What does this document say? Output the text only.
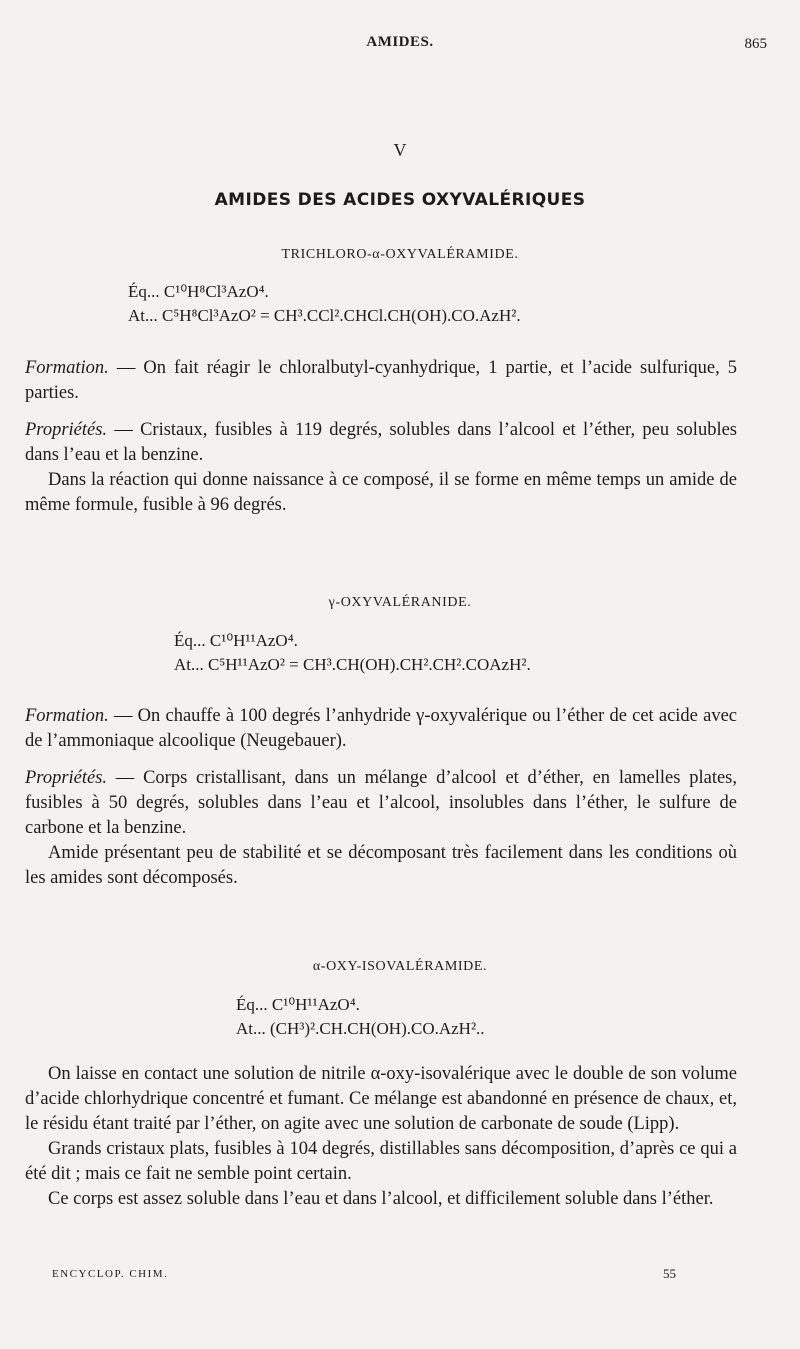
AMIDES.	865
V
AMIDES DES ACIDES OXYVALÉRIQUES
TRICHLORO-α-OXYVALÉRAMIDE.
Éq... C¹⁰H⁸Cl³AzO⁴.
At... C⁵H⁸Cl³AzO² = CH³.CCl².CHCl.CH(OH).CO.AzH².

Formation. — On fait réagir le chloralbutyl-cyanhydrique, 1 partie, et l’acide sulfurique, 5 parties.

Propriétés. — Cristaux, fusibles à 119 degrés, solubles dans l’alcool et l’éther, peu solubles dans l’eau et la benzine.

Dans la réaction qui donne naissance à ce composé, il se forme en même temps un amide de même formule, fusible à 96 degrés.

γ-OXYVALÉRANIDE.
Éq... C¹⁰H¹¹AzO⁴.
At... C⁵H¹¹AzO² = CH³.CH(OH).CH².CH².COAzH².

Formation. — On chauffe à 100 degrés l’anhydride γ-oxyvalérique ou l’éther de cet acide avec de l’ammoniaque alcoolique (Neugebauer).

Propriétés. — Corps cristallisant, dans un mélange d’alcool et d’éther, en lamelles plates, fusibles à 50 degrés, solubles dans l’eau et l’alcool, insolubles dans l’éther, le sulfure de carbone et la benzine.

Amide présentant peu de stabilité et se décomposant très facilement dans les conditions où les amides sont décomposés.

α-OXY-ISOVALÉRAMIDE.
Éq... C¹⁰H¹¹AzO⁴.
At... (CH³)².CH.CH(OH).CO.AzH²..

On laisse en contact une solution de nitrile α-oxy-isovalérique avec le double de son volume d’acide chlorhydrique concentré et fumant. Ce mélange est abandonné en présence de chaux, et, le résidu étant traité par l’éther, on agite avec une solution de carbonate de soude (Lipp).

Grands cristaux plats, fusibles à 104 degrés, distillables sans décomposition, d’après ce qui a été dit ; mais ce fait ne semble point certain.

Ce corps est assez soluble dans l’eau et dans l’alcool, et difficilement soluble dans l’éther.

ENCYCLOP. CHIM.	55
